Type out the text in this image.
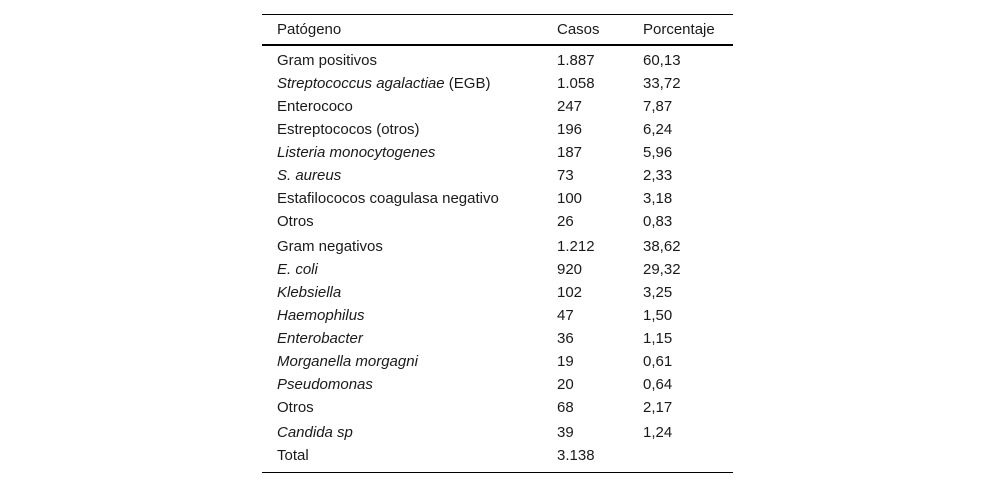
Patógeno	Casos	Porcentaje
Gram positivos	1.887	60,13
Streptococcus agalactiae (EGB)	1.058	33,72
Enterococo	247	7,87
Estreptococos (otros)	196	6,24
Listeria monocytogenes	187	5,96
S. aureus	73	2,33
Estafilococos coagulasa negativo	100	3,18
Otros	26	0,83
Gram negativos	1.212	38,62
E. coli	920	29,32
Klebsiella	102	3,25
Haemophilus	47	1,50
Enterobacter	36	1,15
Morganella morgagni	19	0,61
Pseudomonas	20	0,64
Otros	68	2,17
Candida sp	39	1,24
Total	3.138
